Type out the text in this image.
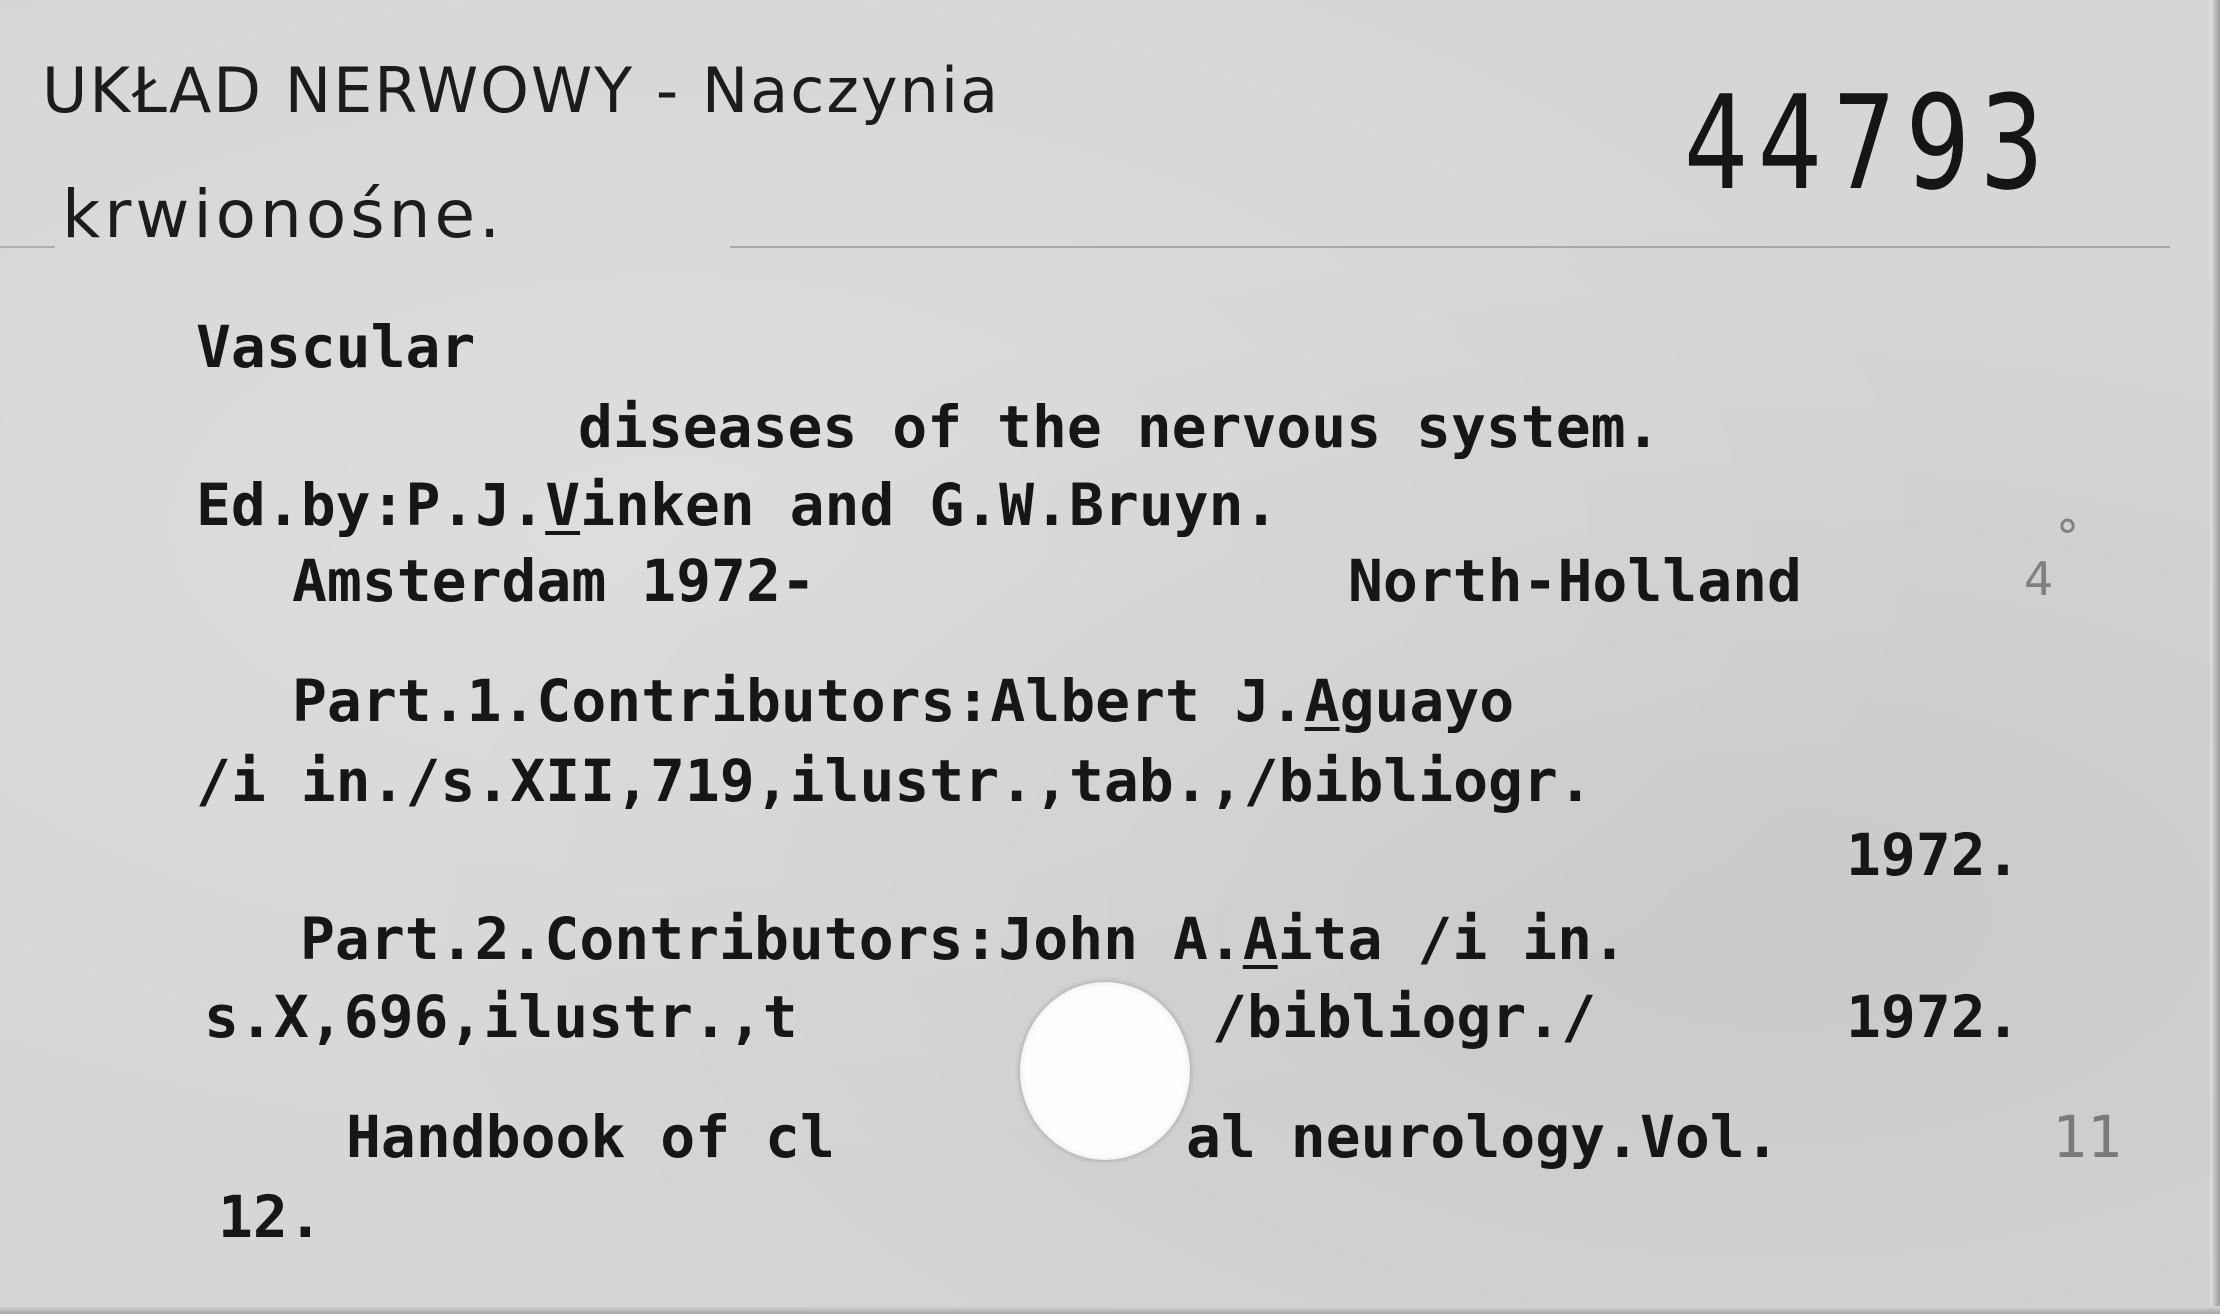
UKŁAD NERWOWY - Naczynia
krwionośne.	44793
Vascular
diseases of the nervous system.
Ed.by:P.J.Vinken and G.W.Bruyn.
Amsterdam 1972-	North-Holland	4
°
Part.1.Contributors:Albert J.Aguayo
/i in./s.XII,719,ilustr.,tab.,/bibliogr.
1972.
Part.2.Contributors:John A.Aita /i in.
s.X,696,ilustr.,t	/bibliogr./	1972.
Handbook of cl	al neurology.Vol.	11
12.
